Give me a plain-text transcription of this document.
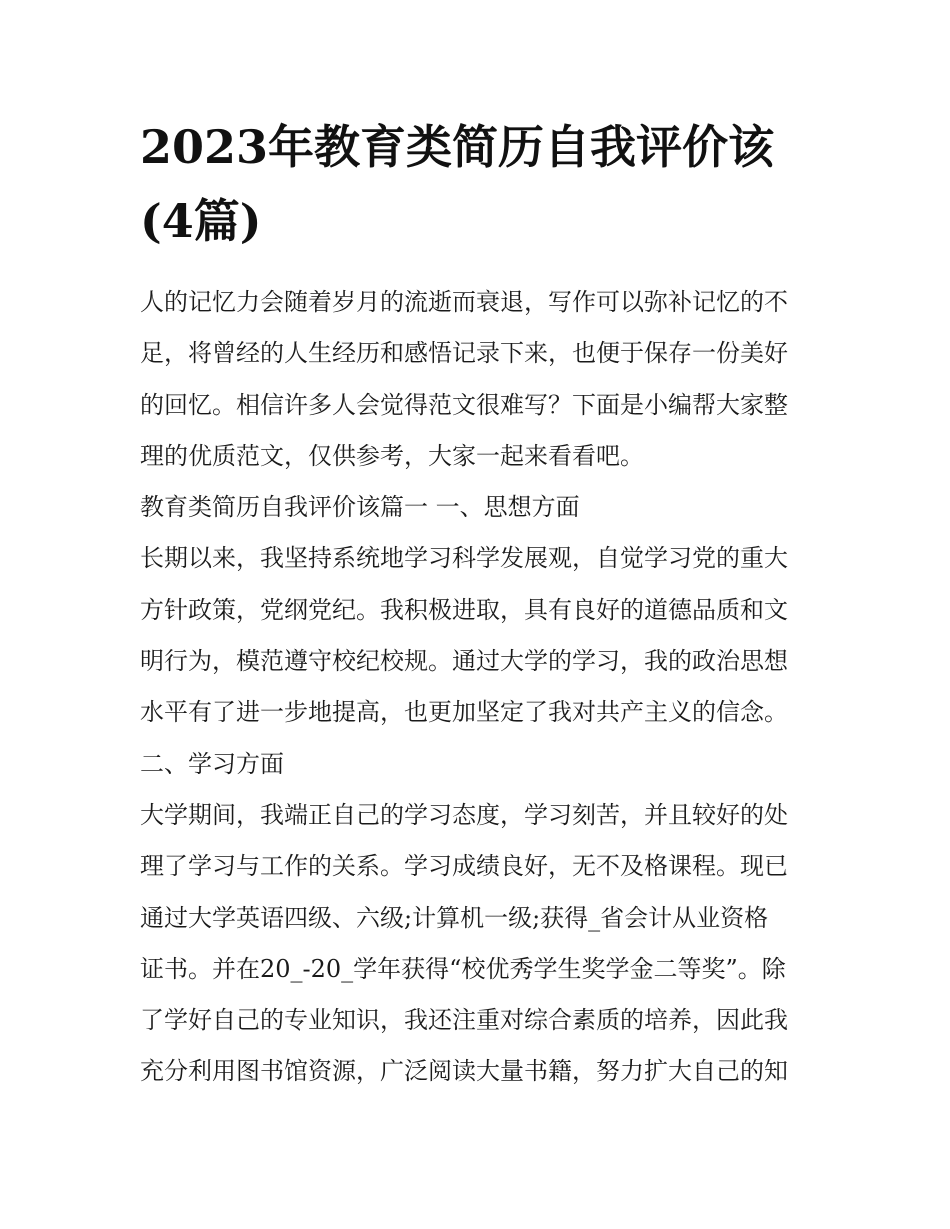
2023年教育类简历自我评价该
(4篇)
人的记忆力会随着岁月的流逝而衰退，写作可以弥补记忆的不
足，将曾经的人生经历和感悟记录下来，也便于保存一份美好
的回忆。相信许多人会觉得范文很难写？下面是小编帮大家整
理的优质范文，仅供参考，大家一起来看看吧。
教育类简历自我评价该篇一 一、思想方面
长期以来，我坚持系统地学习科学发展观，自觉学习党的重大
方针政策，党纲党纪。我积极进取，具有良好的道德品质和文
明行为，模范遵守校纪校规。通过大学的学习，我的政治思想
水平有了进一步地提高，也更加坚定了我对共产主义的信念。
二、学习方面
大学期间，我端正自己的学习态度，学习刻苦，并且较好的处
理了学习与工作的关系。学习成绩良好，无不及格课程。现已
通过大学英语四级、六级;计算机一级;获得_省会计从业资格
证书。并在20_-20_学年获得“校优秀学生奖学金二等奖”。除
了学好自己的专业知识，我还注重对综合素质的培养，因此我
充分利用图书馆资源，广泛阅读大量书籍，努力扩大自己的知
